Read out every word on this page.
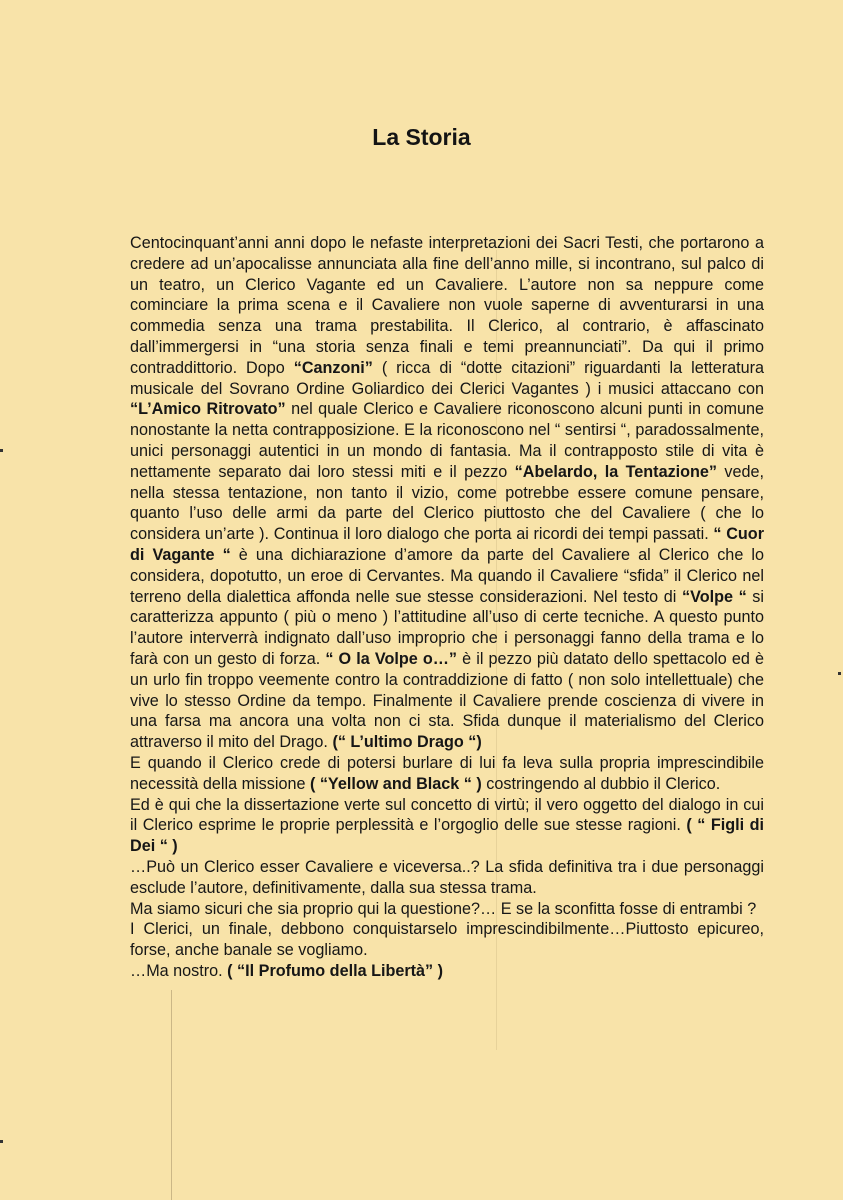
La Storia

Centocinquant’anni anni dopo le nefaste interpretazioni dei Sacri Testi, che portarono a credere ad un’apocalisse annunciata alla fine dell’anno mille, si incontrano, sul palco di un teatro, un Clerico Vagante ed un Cavaliere. L’autore non sa neppure come cominciare la prima scena e il Cavaliere non vuole saperne di avventurarsi in una commedia senza una trama prestabilita. Il Clerico, al contrario, è affascinato dall’immergersi in “una storia senza finali e temi preannunciati”. Da qui il primo contraddittorio. Dopo “Canzoni” ( ricca di “dotte citazioni” riguardanti la letteratura musicale del Sovrano Ordine Goliardico dei Clerici Vagantes ) i musici attaccano con “L’Amico Ritrovato” nel quale Clerico e Cavaliere riconoscono alcuni punti in comune nonostante la netta contrapposizione. E la riconoscono nel “ sentirsi “, paradossalmente, unici personaggi autentici in un mondo di fantasia. Ma il contrapposto stile di vita è nettamente separato dai loro stessi miti e il pezzo “Abelardo, la Tentazione” vede, nella stessa tentazione, non tanto il vizio, come potrebbe essere comune pensare, quanto l’uso delle armi da parte del Clerico piuttosto che del Cavaliere ( che lo considera un’arte ). Continua il loro dialogo che porta ai ricordi dei tempi passati. “ Cuor di Vagante “ è una dichiarazione d’amore da parte del Cavaliere al Clerico che lo considera, dopotutto, un eroe di Cervantes. Ma quando il Cavaliere “sfida” il Clerico nel terreno della dialettica affonda nelle sue stesse considerazioni. Nel testo di “Volpe “ si caratterizza appunto ( più o meno ) l’attitudine all’uso di certe tecniche. A questo punto l’autore interverrà indignato dall’uso improprio che i personaggi fanno della trama e lo farà con un gesto di forza. “ O la Volpe o…” è il pezzo più datato dello spettacolo ed è un urlo fin troppo veemente contro la contraddizione di fatto ( non solo intellettuale) che vive lo stesso Ordine da tempo. Finalmente il Cavaliere prende coscienza di vivere in una farsa ma ancora una volta non ci sta. Sfida dunque il materialismo del Clerico attraverso il mito del Drago. (“ L’ultimo Drago “)

E quando il Clerico crede di potersi burlare di lui fa leva sulla propria imprescindibile necessità della missione ( “Yellow and Black “ ) costringendo al dubbio il Clerico.

Ed è qui che la dissertazione verte sul concetto di virtù; il vero oggetto del dialogo in cui il Clerico esprime le proprie perplessità e l’orgoglio delle sue stesse ragioni. ( “ Figli di Dei “ )

…Può un Clerico esser Cavaliere e viceversa..? La sfida definitiva tra i due personaggi esclude l’autore, definitivamente, dalla sua stessa trama.

Ma siamo sicuri che sia proprio qui la questione?… E se la sconfitta fosse di entrambi ?

I Clerici, un finale, debbono conquistarselo imprescindibilmente…Piuttosto epicureo, forse, anche banale se vogliamo.

…Ma nostro. ( “Il Profumo della Libertà” )
